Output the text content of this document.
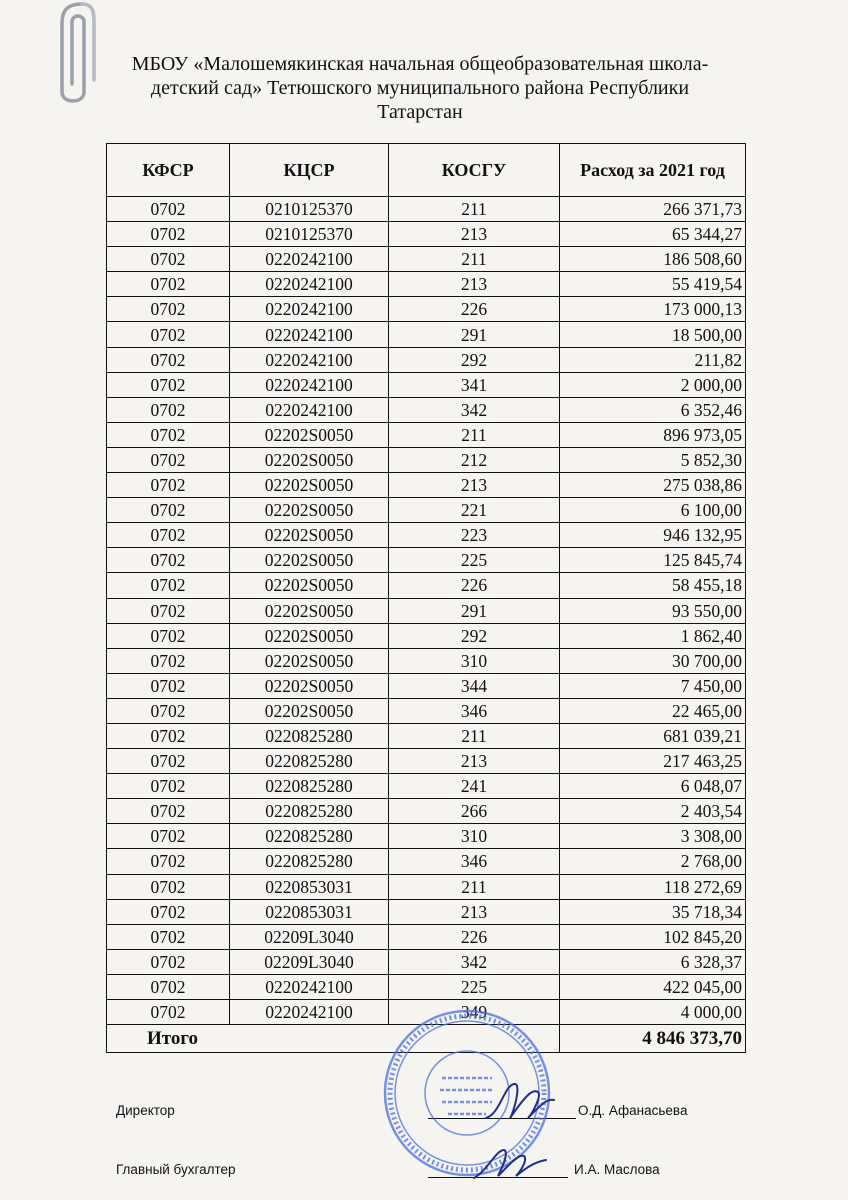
МБОУ «Малошемякинская начальная общеобразовательная школа-
детский сад» Тетюшского муниципального района Республики
Татарстан
КФСР	КЦСР	КОСГУ	Расход за 2021 год
0702	0210125370	211	266 371,73
0702	0210125370	213	65 344,27
0702	0220242100	211	186 508,60
0702	0220242100	213	55 419,54
0702	0220242100	226	173 000,13
0702	0220242100	291	18 500,00
0702	0220242100	292	211,82
0702	0220242100	341	2 000,00
0702	0220242100	342	6 352,46
0702	02202S0050	211	896 973,05
0702	02202S0050	212	5 852,30
0702	02202S0050	213	275 038,86
0702	02202S0050	221	6 100,00
0702	02202S0050	223	946 132,95
0702	02202S0050	225	125 845,74
0702	02202S0050	226	58 455,18
0702	02202S0050	291	93 550,00
0702	02202S0050	292	1 862,40
0702	02202S0050	310	30 700,00
0702	02202S0050	344	7 450,00
0702	02202S0050	346	22 465,00
0702	0220825280	211	681 039,21
0702	0220825280	213	217 463,25
0702	0220825280	241	6 048,07
0702	0220825280	266	2 403,54
0702	0220825280	310	3 308,00
0702	0220825280	346	2 768,00
0702	0220853031	211	118 272,69
0702	0220853031	213	35 718,34
0702	02209L3040	226	102 845,20
0702	02209L3040	342	6 328,37
0702	0220242100	225	422 045,00
0702	0220242100	349	4 000,00
Итого			4 846 373,70
Директор	О.Д. Афанасьева
Главный бухгалтер	И.А. Маслова
